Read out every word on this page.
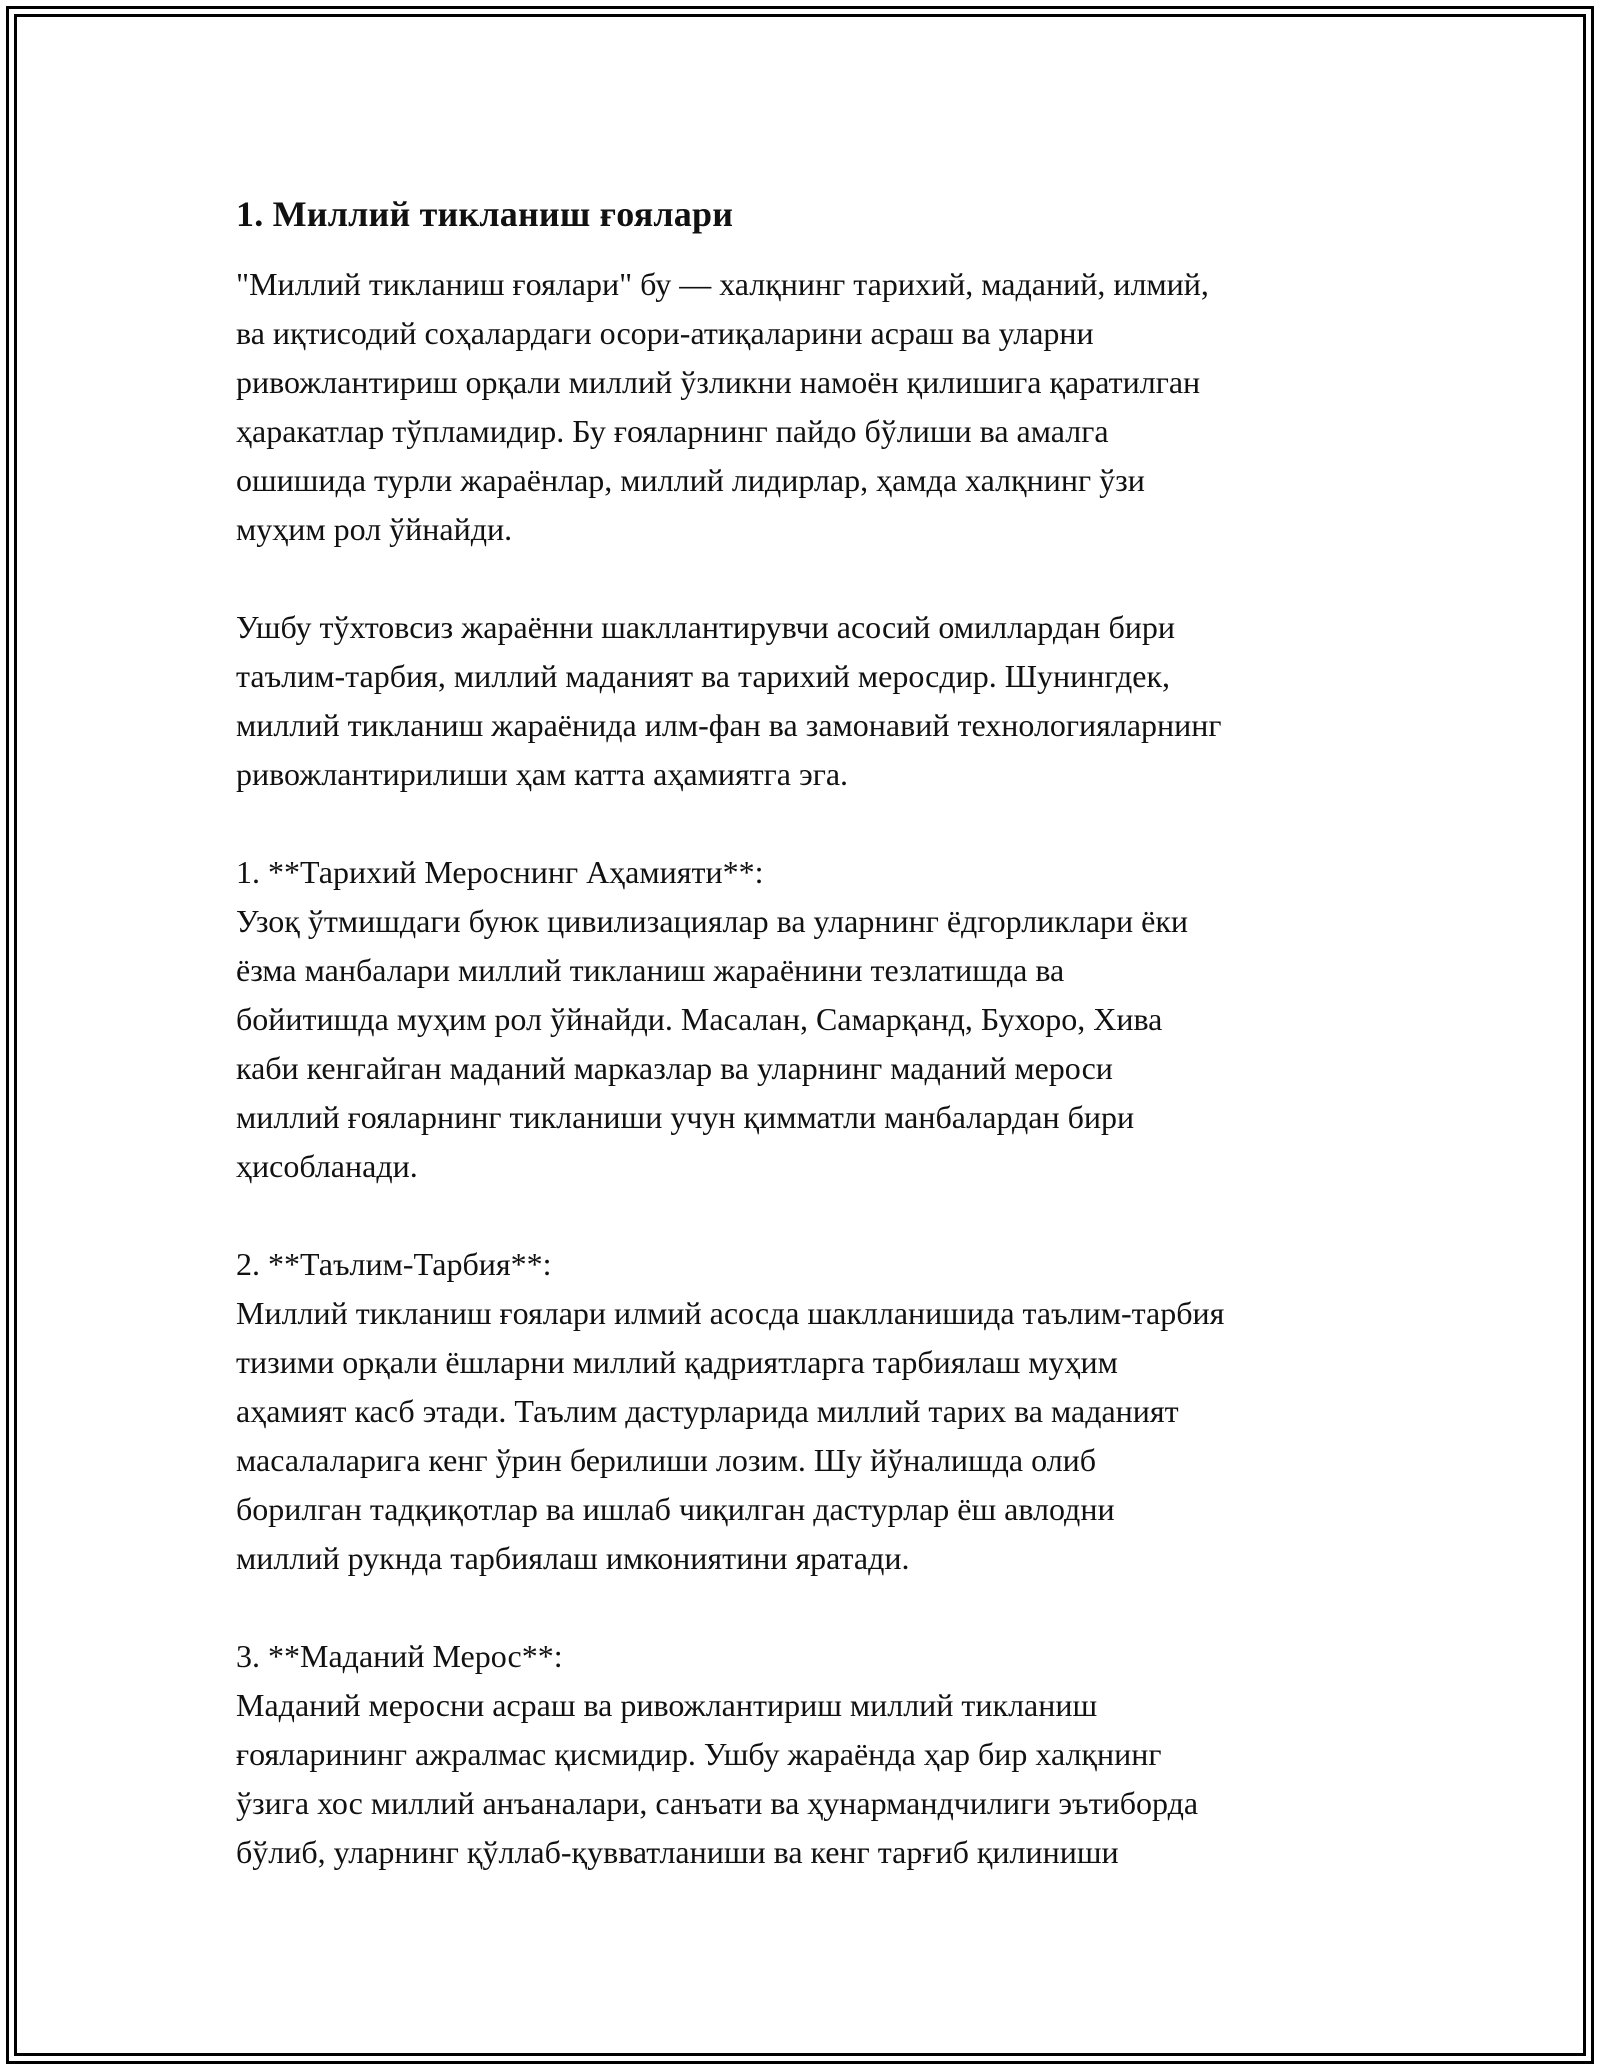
1. Миллий тикланиш ғоялари

"Миллий тикланиш ғоялари" бу — халқнинг тарихий, маданий, илмий,
ва иқтисодий соҳалардаги осори-атиқаларини асраш ва уларни
ривожлантириш орқали миллий ўзликни намоён қилишига қаратилган
ҳаракатлар тўпламидир. Бу ғояларнинг пайдо бўлиши ва амалга
ошишида турли жараёнлар, миллий лидирлар, ҳамда халқнинг ўзи
муҳим рол ўйнайди.

Ушбу тўхтовсиз жараённи шакллантирувчи асосий омиллардан бири
таълим-тарбия, миллий маданият ва тарихий меросдир. Шунингдек,
миллий тикланиш жараёнида илм-фан ва замонавий технологияларнинг
ривожлантирилиши ҳам катта аҳамиятга эга.

1. **Тарихий Мероснинг Аҳамияти**:

Узоқ ўтмишдаги буюк цивилизациялар ва уларнинг ёдгорликлари ёки
ёзма манбалари миллий тикланиш жараёнини тезлатишда ва
бойитишда муҳим рол ўйнайди. Масалан, Самарқанд, Бухоро, Хива
каби кенгайган маданий марказлар ва уларнинг маданий мероси
миллий ғояларнинг тикланиши учун қимматли манбалардан бири
ҳисобланади.

2. **Таълим-Тарбия**:

Миллий тикланиш ғоялари илмий асосда шаклланишида таълим-тарбия
тизими орқали ёшларни миллий қадриятларга тарбиялаш муҳим
аҳамият касб этади. Таълим дастурларида миллий тарих ва маданият
масалаларига кенг ўрин берилиши лозим. Шу йўналишда олиб
борилган тадқиқотлар ва ишлаб чиқилган дастурлар ёш авлодни
миллий рукнда тарбиялаш имкониятини яратади.

3. **Маданий Мерос**:

Маданий меросни асраш ва ривожлантириш миллий тикланиш
ғояларининг ажралмас қисмидир. Ушбу жараёнда ҳар бир халқнинг
ўзига хос миллий анъаналари, санъати ва ҳунармандчилиги эътиборда
бўлиб, уларнинг қўллаб-қувватланиши ва кенг тарғиб қилиниши
